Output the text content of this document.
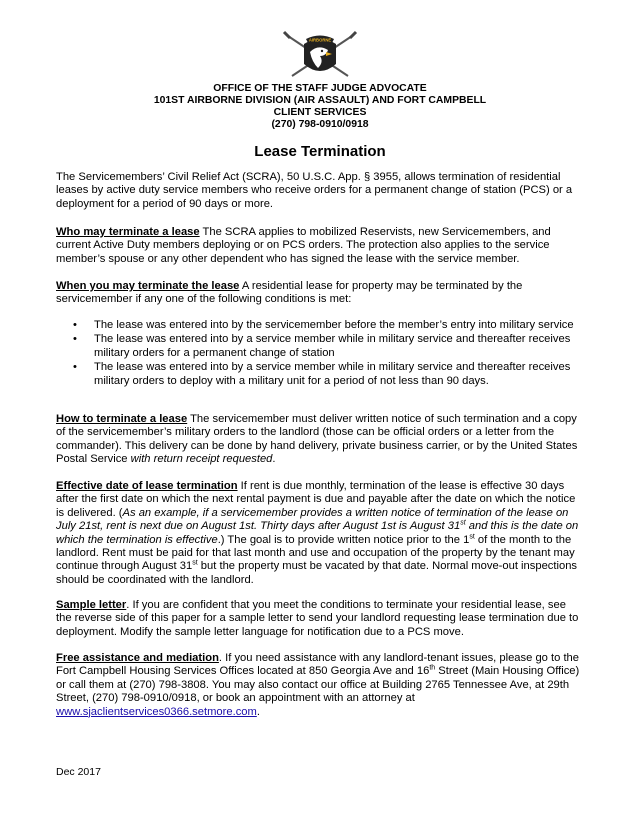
AIRBORNE
OFFICE OF THE STAFF JUDGE ADVOCATE
101ST AIRBORNE DIVISION (AIR ASSAULT) AND FORT CAMPBELL
CLIENT SERVICES
(270) 798-0910/0918
Lease Termination

The Servicemembers’ Civil Relief Act (SCRA), 50 U.S.C. App. § 3955, allows termination of residential leases by active duty service members who receive orders for a permanent change of station (PCS) or a deployment for a period of 90 days or more.

Who may terminate a lease The SCRA applies to mobilized Reservists, new Servicemembers, and current Active Duty members deploying or on PCS orders. The protection also applies to the service member’s spouse or any other dependent who has signed the lease with the service member.

When you may terminate the lease A residential lease for property may be terminated by the servicemember if any one of the following conditions is met:

• The lease was entered into by the servicemember before the member’s entry into military service
• The lease was entered into by a service member while in military service and thereafter receives military orders for a permanent change of station
• The lease was entered into by a service member while in military service and thereafter receives military orders to deploy with a military unit for a period of not less than 90 days.

How to terminate a lease The servicemember must deliver written notice of such termination and a copy of the servicemember’s military orders to the landlord (those can be official orders or a letter from the commander). This delivery can be done by hand delivery, private business carrier, or by the United States Postal Service with return receipt requested.

Effective date of lease termination If rent is due monthly, termination of the lease is effective 30 days after the first date on which the next rental payment is due and payable after the date on which the notice is delivered. (As an example, if a servicemember provides a written notice of termination of the lease on July 21st, rent is next due on August 1st. Thirty days after August 1st is August 31st and this is the date on which the termination is effective.) The goal is to provide written notice prior to the 1st of the month to the landlord. Rent must be paid for that last month and use and occupation of the property by the tenant may continue through August 31st but the property must be vacated by that date. Normal move-out inspections should be coordinated with the landlord.

Sample letter. If you are confident that you meet the conditions to terminate your residential lease, see the reverse side of this paper for a sample letter to send your landlord requesting lease termination due to deployment. Modify the sample letter language for notification due to a PCS move.

Free assistance and mediation. If you need assistance with any landlord-tenant issues, please go to the Fort Campbell Housing Services Offices located at 850 Georgia Ave and 16th Street (Main Housing Office) or call them at (270) 798-3808. You may also contact our office at Building 2765 Tennessee Ave, at 29th Street, (270) 798-0910/0918, or book an appointment with an attorney at www.sjaclientservices0366.setmore.com.

Dec 2017
